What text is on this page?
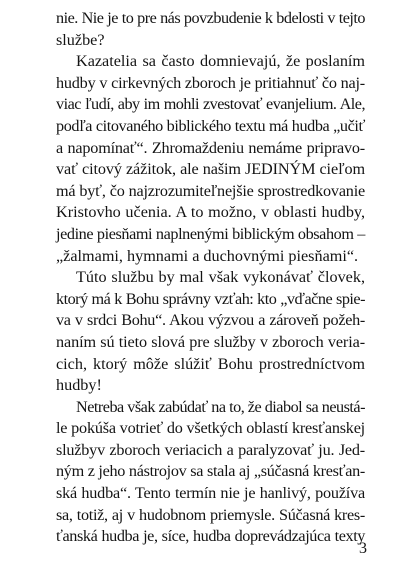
nie. Nie je to pre nás povzbudenie k bdelosti v tejto
službe?
Kazatelia sa často domnievajú, že poslaním
hudby v cirkevných zboroch je pritiahnuť čo naj-
viac ľudí, aby im mohli zvestovať evanjelium. Ale,
podľa citovaného biblického textu má hudba „učiť
a napomínať“. Zhromaždeniu nemáme pripravo-
vať citový zážitok, ale našim JEDINÝM cieľom
má byť, čo najzrozumiteľnejšie sprostredkovanie
Kristovho učenia. A to možno, v oblasti hudby,
jedine piesňami naplnenými biblickým obsahom –
„žalmami, hymnami a duchovnými piesňami“.
Túto službu by mal však vykonávať človek,
ktorý má k Bohu správny vzťah: kto „vďačne spie-
va v srdci Bohu“. Akou výzvou a zároveň požeh-
naním sú tieto slová pre služby v zboroch veria-
cich, ktorý môže slúžiť Bohu prostredníctvom
hudby!
Netreba však zabúdať na to, že diabol sa neustá-
le pokúša votrieť do všetkých oblastí kresťanskej
službyv zboroch veriacich a paralyzovať ju. Jed-
ným z jeho nástrojov sa stala aj „súčasná kresťan-
ská hudba“. Tento termín nie je hanlivý, používa
sa, totiž, aj v hudobnom priemysle. Súčasná kres-
ťanská hudba je, síce, hudba doprevádzajúca texty
3
